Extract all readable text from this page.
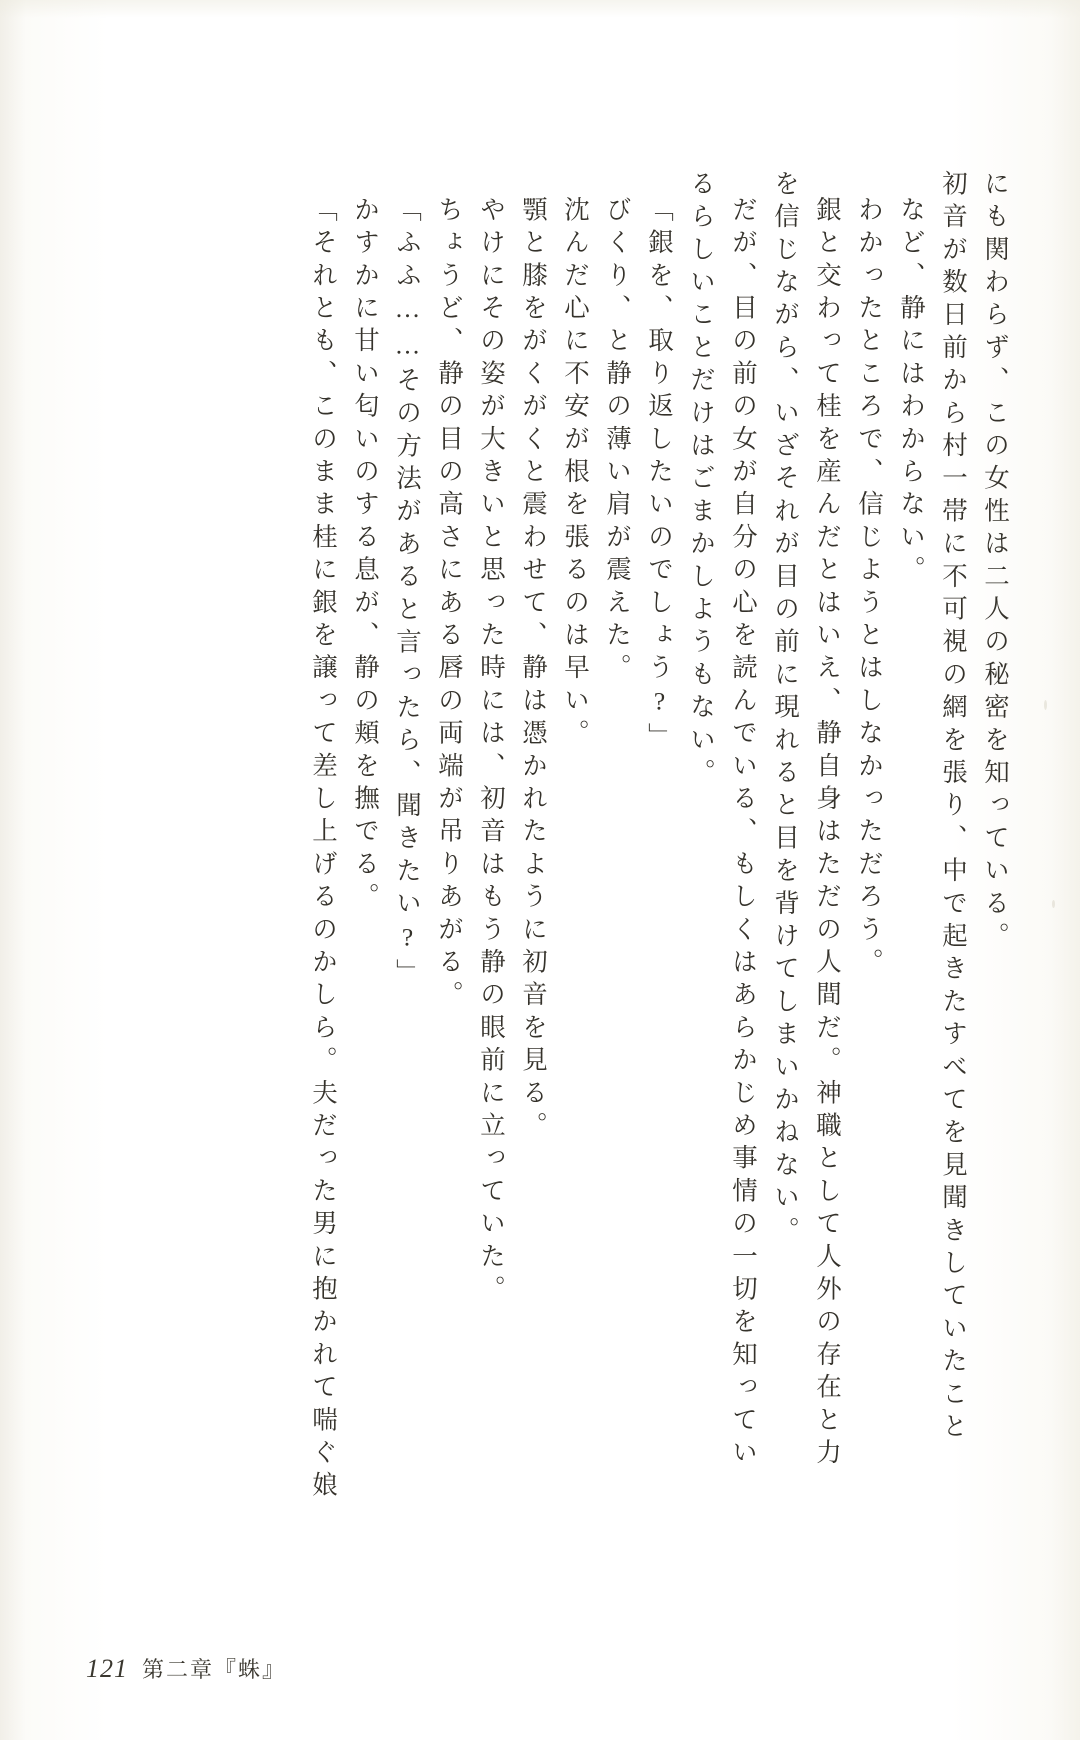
にも関わらず、この女性は二人の秘密を知っている。
初音が数日前から村一帯に不可視の網を張り、中で起きたすべてを見聞きしていたこと
など、静にはわからない。
わかったところで、信じようとはしなかっただろう。
銀と交わって桂を産んだとはいえ、静自身はただの人間だ。神職として人外の存在と力
を信じながら、いざそれが目の前に現れると目を背けてしまいかねない。
だが、目の前の女が自分の心を読んでいる、もしくはあらかじめ事情の一切を知ってい
るらしいことだけはごまかしようもない。
「銀を、取り返したいのでしょう?」
びくり、と静の薄い肩が震えた。
沈んだ心に不安が根を張るのは早い。
顎と膝をがくがくと震わせて、静は憑かれたように初音を見る。
やけにその姿が大きいと思った時には、初音はもう静の眼前に立っていた。
ちょうど、静の目の高さにある唇の両端が吊りあがる。
「ふふ……その方法があると言ったら、聞きたい?」
かすかに甘い匂いのする息が、静の頬を撫でる。
「それとも、このまま桂に銀を譲って差し上げるのかしら。夫だった男に抱かれて喘ぐ娘
121 第二章『蛛』
